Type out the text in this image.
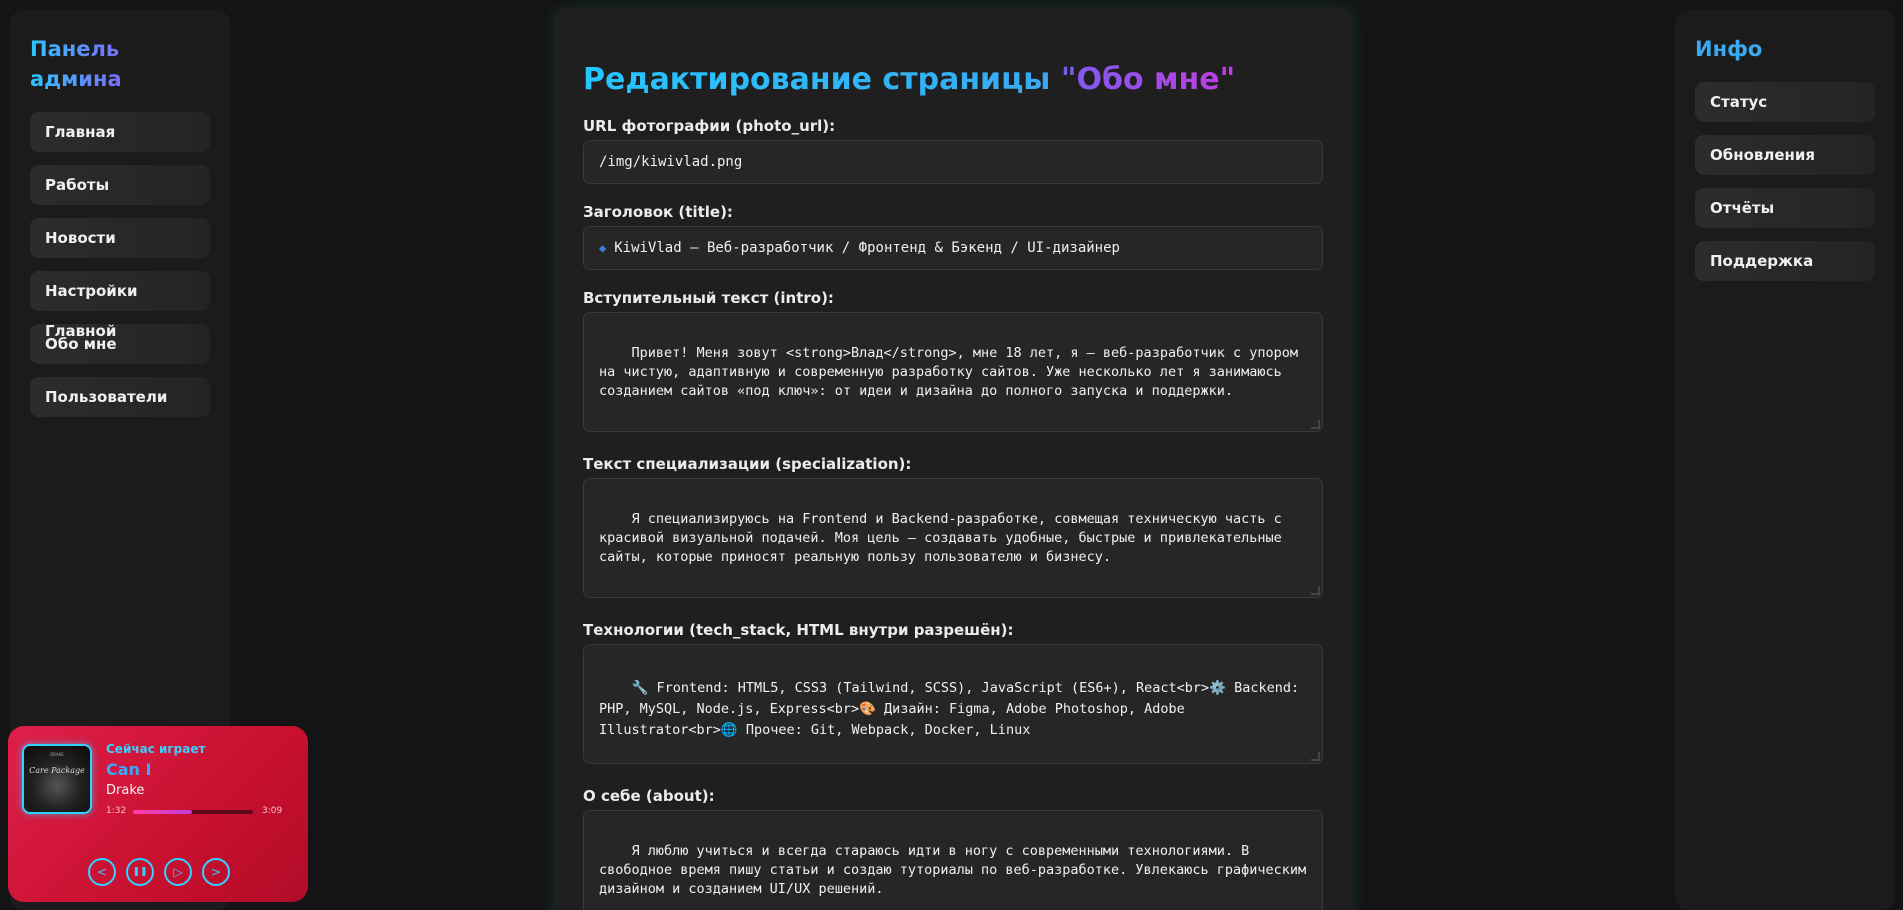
Панель админа
Главная
Работы
Новости
Настройки
Обо мне
Пользователи
Инфо
Статус
Обновления
Отчёты
Поддержка
Редактирование страницы "Обо мне"
URL фотографии (photo_url):
/img/kiwivlad.png
Заголовок (title):
◆ KiwiVlad — Веб-разработчик / Фронтенд & Бэкенд / UI-дизайнер
Вступительный текст (intro):

Привет! Меня зовут <strong>Влад</strong>, мне 18 лет, я — веб-разработчик с упором на чистую, адаптивную и современную разработку сайтов. Уже несколько лет я занимаюсь созданием сайтов «под ключ»: от идеи и дизайна до полного запуска и поддержки.

Текст специализации (specialization):

Я специализируюсь на Frontend и Backend-разработке, совмещая техническую часть с красивой визуальной подачей. Моя цель — создавать удобные, быстрые и привлекательные сайты, которые приносят реальную пользу пользователю и бизнесу.

Технологии (tech_stack, HTML внутри разрешён):

🔧 Frontend: HTML5, CSS3 (Tailwind, SCSS), JavaScript (ES6+), React<br>⚙️ Backend: PHP, MySQL, Node.js, Express<br>🎨 Дизайн: Figma, Adobe Photoshop, Adobe Illustrator<br>🌐 Прочее: Git, Webpack, Docker, Linux

О себе (about):

Я люблю учиться и всегда стараюсь идти в ногу с современными технологиями. В свободное время пишу статьи и создаю туториалы по веб-разработке. Увлекаюсь графическим дизайном и созданием UI/UX решений.

DRAKE
Care Package
Сейчас играет
Can I
Drake
1:32	3:09
<	❚❚ ▷ >
